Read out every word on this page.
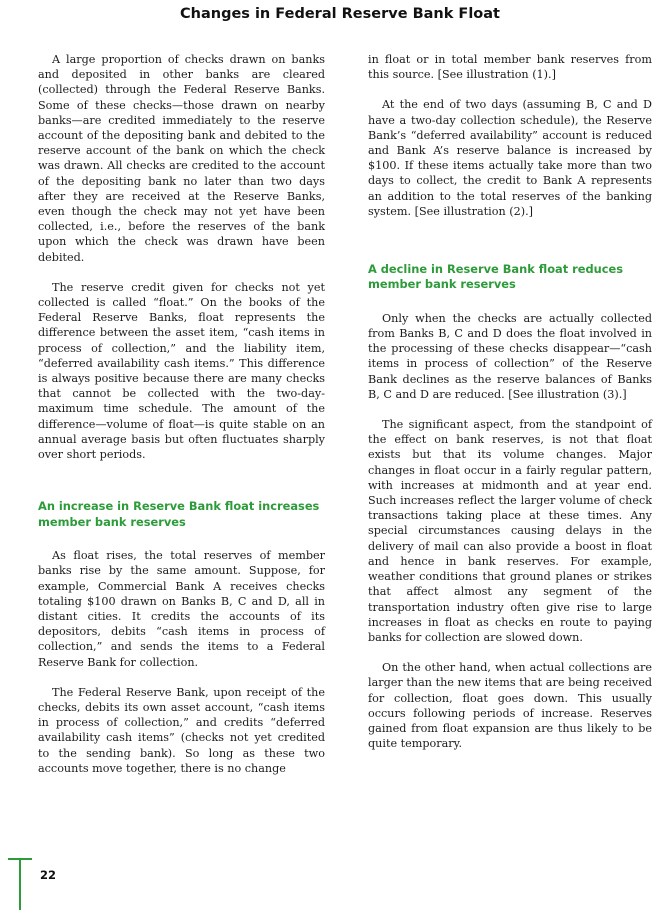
Changes in Federal Reserve Bank Float

A large proportion of checks drawn on banks and deposited in other banks are cleared (collected) through the Federal Reserve Banks. Some of these checks—those drawn on nearby banks—are credited immediately to the reserve account of the depositing bank and debited to the reserve account of the bank on which the check was drawn. All checks are credited to the account of the depositing bank no later than two days after they are received at the Reserve Banks, even though the check may not yet have been collected, i.e., before the reserves of the bank upon which the check was drawn have been debited.

The reserve credit given for checks not yet collected is called “float.” On the books of the Federal Reserve Banks, float represents the difference between the asset item, “cash items in process of collection,” and the liability item, “deferred availability cash items.” This difference is always positive because there are many checks that cannot be collected with the two-day-maximum time schedule. The amount of the difference—volume of float—is quite stable on an annual average basis but often fluctuates sharply over short periods.

An increase in Reserve Bank float increases member bank reserves

As float rises, the total reserves of member banks rise by the same amount. Suppose, for example, Commercial Bank A receives checks totaling $100 drawn on Banks B, C and D, all in distant cities. It credits the accounts of its depositors, debits “cash items in process of collection,” and sends the items to a Federal Reserve Bank for collection.

The Federal Reserve Bank, upon receipt of the checks, debits its own asset account, “cash items in process of collection,” and credits “deferred availability cash items” (checks not yet credited to the sending bank). So long as these two accounts move together, there is no change

in float or in total member bank reserves from this source. [See illustration (1).]

At the end of two days (assuming B, C and D have a two-day collection schedule), the Reserve Bank’s “deferred availability” account is reduced and Bank A’s reserve balance is increased by $100. If these items actually take more than two days to collect, the credit to Bank A represents an addition to the total reserves of the banking system. [See illustration (2).]

A decline in Reserve Bank float reduces member bank reserves

Only when the checks are actually collected from Banks B, C and D does the float involved in the processing of these checks disappear—“cash items in process of collection” of the Reserve Bank declines as the reserve balances of Banks B, C and D are reduced. [See illustration (3).]

The significant aspect, from the standpoint of the effect on bank reserves, is not that float exists but that its volume changes. Major changes in float occur in a fairly regular pattern, with increases at midmonth and at year end. Such increases reflect the larger volume of check transactions taking place at these times. Any special circumstances causing delays in the delivery of mail can also provide a boost in float and hence in bank reserves. For example, weather conditions that ground planes or strikes that affect almost any segment of the transportation industry often give rise to large increases in float as checks en route to paying banks for collection are slowed down.

On the other hand, when actual collections are larger than the new items that are being received for collection, float goes down. This usually occurs following periods of increase. Reserves gained from float expansion are thus likely to be quite temporary.

22
